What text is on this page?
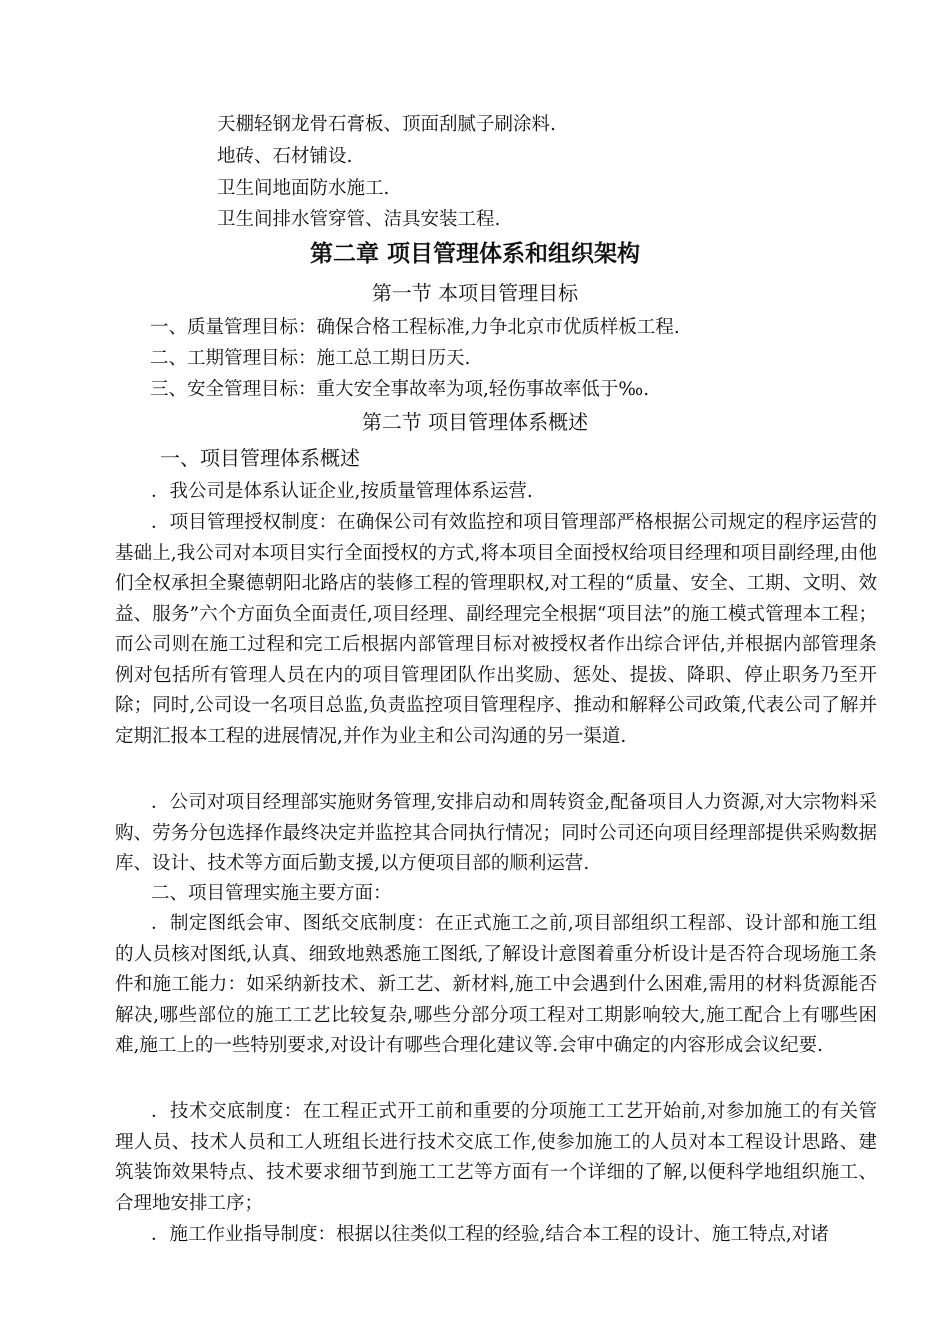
天棚轻钢龙骨石膏板、顶面刮腻子刷涂料.
地砖、石材铺设.
卫生间地面防水施工.
卫生间排水管穿管、洁具安装工程.
第二章 项目管理体系和组织架构
第一节 本项目管理目标
一、质量管理目标：确保合格工程标准,力争北京市优质样板工程.
二、工期管理目标：施工总工期日历天.
三、安全管理目标：重大安全事故率为项,轻伤事故率低于‰.
第二节 项目管理体系概述
一、项目管理体系概述
．我公司是体系认证企业,按质量管理体系运营.
．项目管理授权制度：在确保公司有效监控和项目管理部严格根据公司规定的程序运营的基础上,我公司对本项目实行全面授权的方式,将本项目全面授权给项目经理和项目副经理,由他们全权承担全聚德朝阳北路店的装修工程的管理职权,对工程的“质量、安全、工期、文明、效益、服务”六个方面负全面责任,项目经理、副经理完全根据“项目法”的施工模式管理本工程；而公司则在施工过程和完工后根据内部管理目标对被授权者作出综合评估,并根据内部管理条例对包括所有管理人员在内的项目管理团队作出奖励、惩处、提拔、降职、停止职务乃至开除；同时,公司设一名项目总监,负责监控项目管理程序、推动和解释公司政策,代表公司了解并定期汇报本工程的进展情况,并作为业主和公司沟通的另一渠道.
．公司对项目经理部实施财务管理,安排启动和周转资金,配备项目人力资源,对大宗物料采购、劳务分包选择作最终决定并监控其合同执行情况；同时公司还向项目经理部提供采购数据库、设计、技术等方面后勤支援,以方便项目部的顺利运营.
二、项目管理实施主要方面：
．制定图纸会审、图纸交底制度：在正式施工之前,项目部组织工程部、设计部和施工组的人员核对图纸,认真、细致地熟悉施工图纸,了解设计意图着重分析设计是否符合现场施工条件和施工能力：如采纳新技术、新工艺、新材料,施工中会遇到什么困难,需用的材料货源能否解决,哪些部位的施工工艺比较复杂,哪些分部分项工程对工期影响较大,施工配合上有哪些困难,施工上的一些特别要求,对设计有哪些合理化建议等.会审中确定的内容形成会议纪要.
．技术交底制度：在工程正式开工前和重要的分项施工工艺开始前,对参加施工的有关管理人员、技术人员和工人班组长进行技术交底工作,使参加施工的人员对本工程设计思路、建筑装饰效果特点、技术要求细节到施工工艺等方面有一个详细的了解,以便科学地组织施工、合理地安排工序；
．施工作业指导制度：根据以往类似工程的经验,结合本工程的设计、施工特点,对诸
